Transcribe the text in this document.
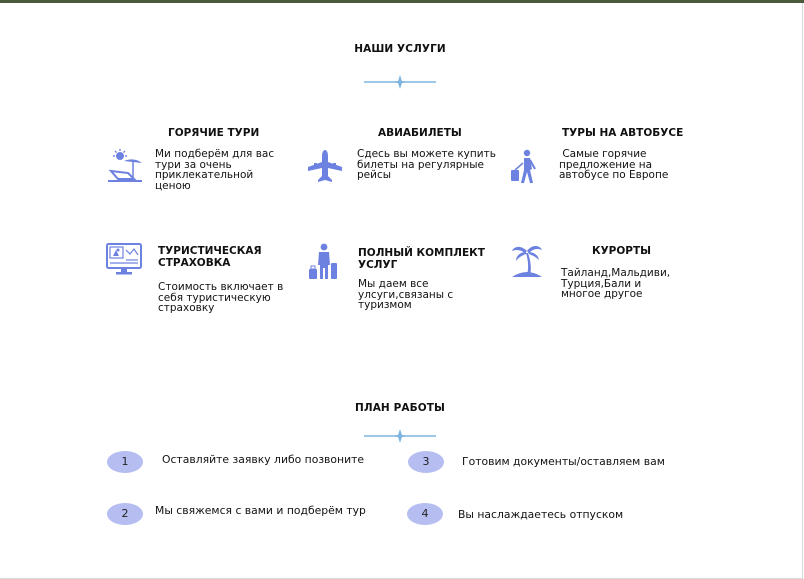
НАШИ УСЛУГИ
ГОРЯЧИЕ ТУРИ
Ми подберём для вас
тури за очень
приклекательной
ценою
АВИАБИЛЕТЫ
Сдесь вы можете купить
билеты на регулярные
рейсы
ТУРЫ НА АВТОБУСЕ
Самые горячие
предложение на
автобусе по Европе
ТУРИСТИЧЕСКАЯ
СТРАХОВКА
Стоимость включает в
себя туристическую
страховку
ПОЛНЫЙ КОМПЛЕКТ
УСЛУГ
Мы даем все
улсуги,связаны с
туризмом
КУРОРТЫ
Тайланд,Мальдиви,
Турция,Бали и
многое другое
ПЛАН РАБОТЫ
1	Оставляйте заявку либо позвоните
2	Мы свяжемся с вами и подберём тур
3	Готовим документы/оставляем вам
4	Вы наслаждаетесь отпуском
